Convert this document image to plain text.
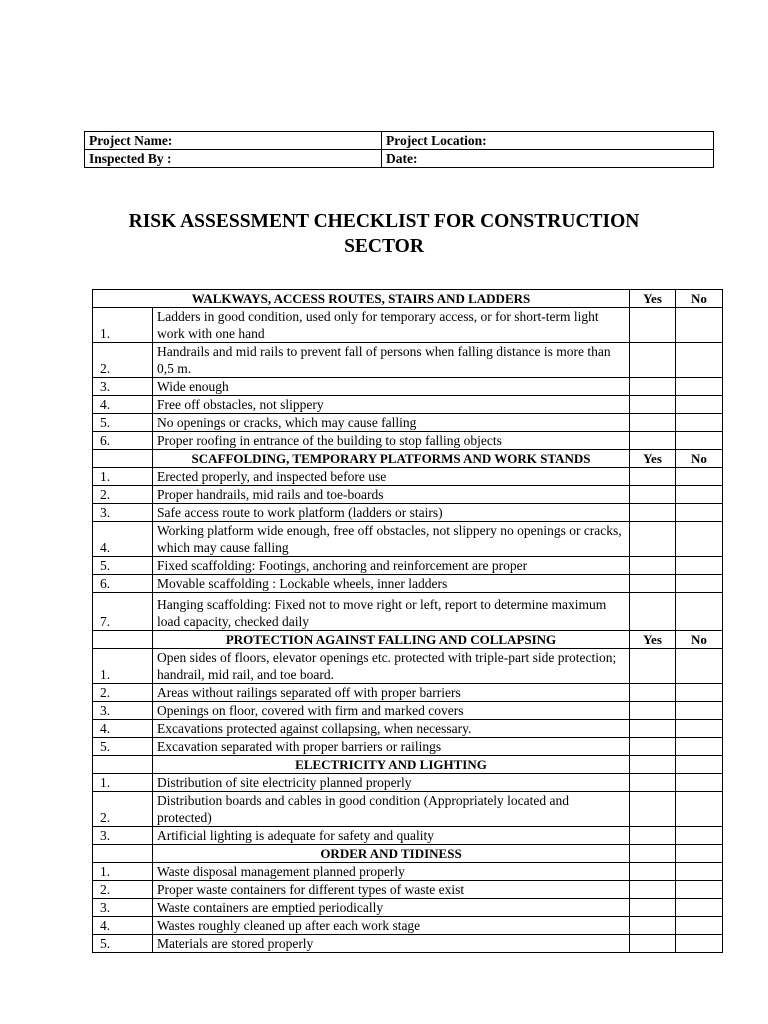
Project Name:	Project Location:
Inspected By :	Date:
RISK ASSESSMENT CHECKLIST FOR CONSTRUCTION
SECTOR
WALKWAYS, ACCESS ROUTES, STAIRS AND LADDERS		Yes	No
1.	Ladders in good condition, used only for temporary access, or for short-term light work with one hand		
2.	Handrails and mid rails to prevent fall of persons when falling distance is more than 0,5 m.		
3.	Wide enough		
4.	Free off obstacles, not slippery		
5.	No openings or cracks, which may cause falling		
6.	Proper roofing in entrance of the building to stop falling objects		
	SCAFFOLDING, TEMPORARY PLATFORMS AND WORK STANDS	Yes	No
1.	Erected properly, and inspected before use		
2.	Proper handrails, mid rails and toe-boards		
3.	Safe access route to work platform (ladders or stairs)		
4.	Working platform wide enough, free off obstacles, not slippery no openings or cracks, which may cause falling		
5.	Fixed scaffolding: Footings, anchoring and reinforcement are proper		
6.	Movable scaffolding : Lockable wheels, inner ladders		
7.	Hanging scaffolding: Fixed not to move right or left, report to determine maximum load capacity, checked daily		
	PROTECTION AGAINST FALLING AND COLLAPSING	Yes	No
1.	Open sides of floors, elevator openings etc. protected with triple-part side protection; handrail, mid rail, and toe board.		
2.	Areas without railings separated off with proper barriers		
3.	Openings on floor, covered with firm and marked covers		
4.	Excavations protected against collapsing, when necessary.		
5.	Excavation separated with proper barriers or railings		
	ELECTRICITY AND LIGHTING		
1.	Distribution of site electricity planned properly		
2.	Distribution boards and cables in good condition (Appropriately located and protected)		
3.	Artificial lighting is adequate for safety and quality		
	ORDER AND TIDINESS		
1.	Waste disposal management planned properly		
2.	Proper waste containers for different types of waste exist		
3.	Waste containers are emptied periodically		
4.	Wastes roughly cleaned up after each work stage		
5.	Materials are stored properly		
